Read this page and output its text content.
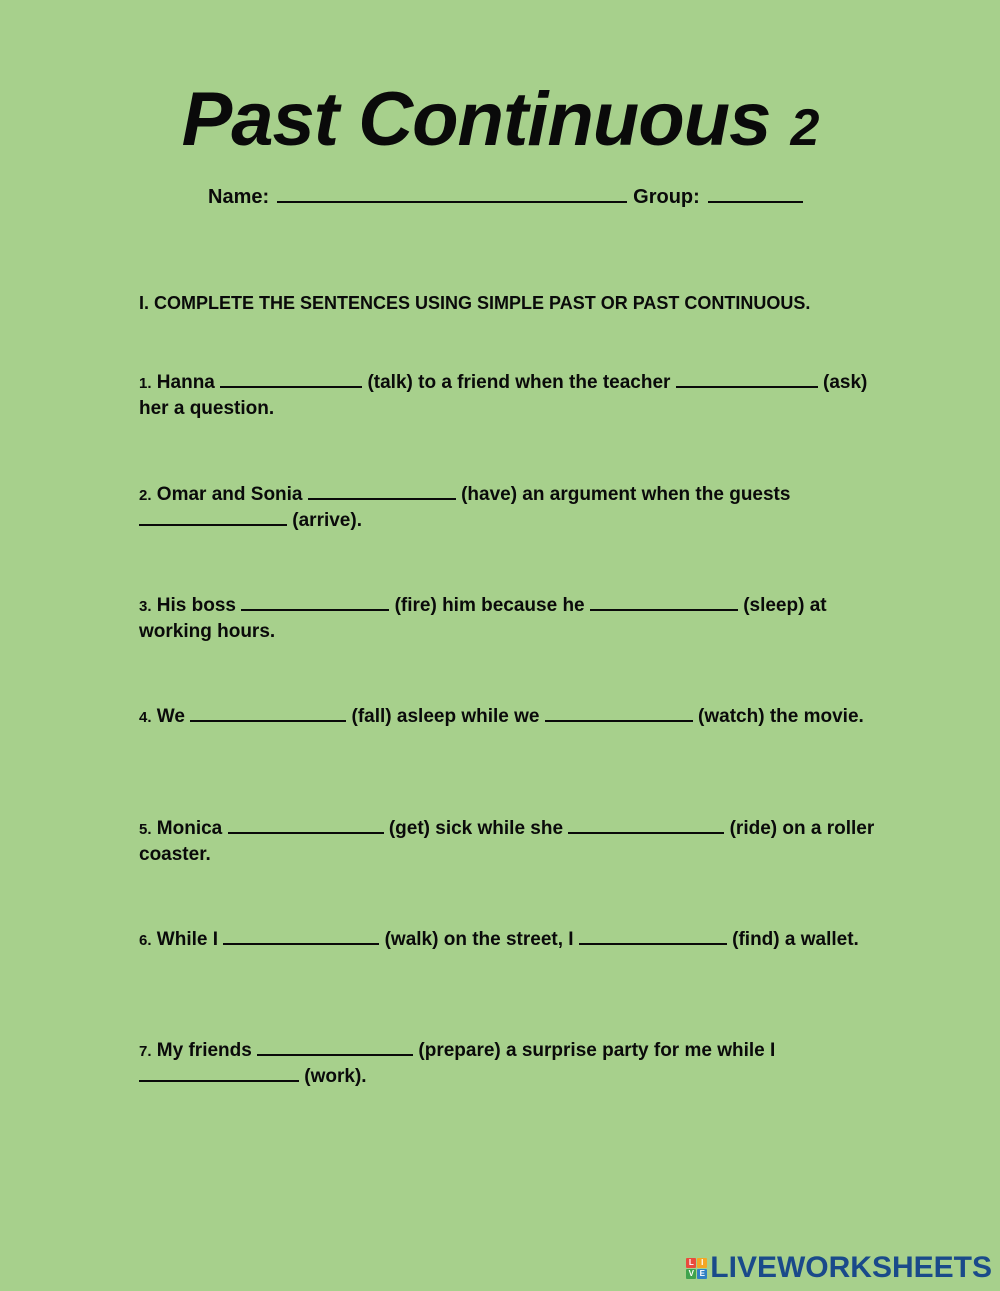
Past Continuous 2
Name:	Group:
I. COMPLETE THE SENTENCES USING SIMPLE PAST OR PAST CONTINUOUS.
1. Hanna	(talk) to a friend when the teacher	(ask) her a question.
2. Omar and Sonia	(have) an argument when the guests  (arrive).
3. His boss	(fire) him because he	(sleep) at working hours.
4. We	(fall) asleep while we	(watch) the movie.
5. Monica	(get) sick while she	(ride) on a roller coaster.
6. While I	(walk) on the street, I	(find) a wallet.
7. My friends	(prepare) a surprise party for me while I  (work).
L I
V E LIVEWORKSHEETS
